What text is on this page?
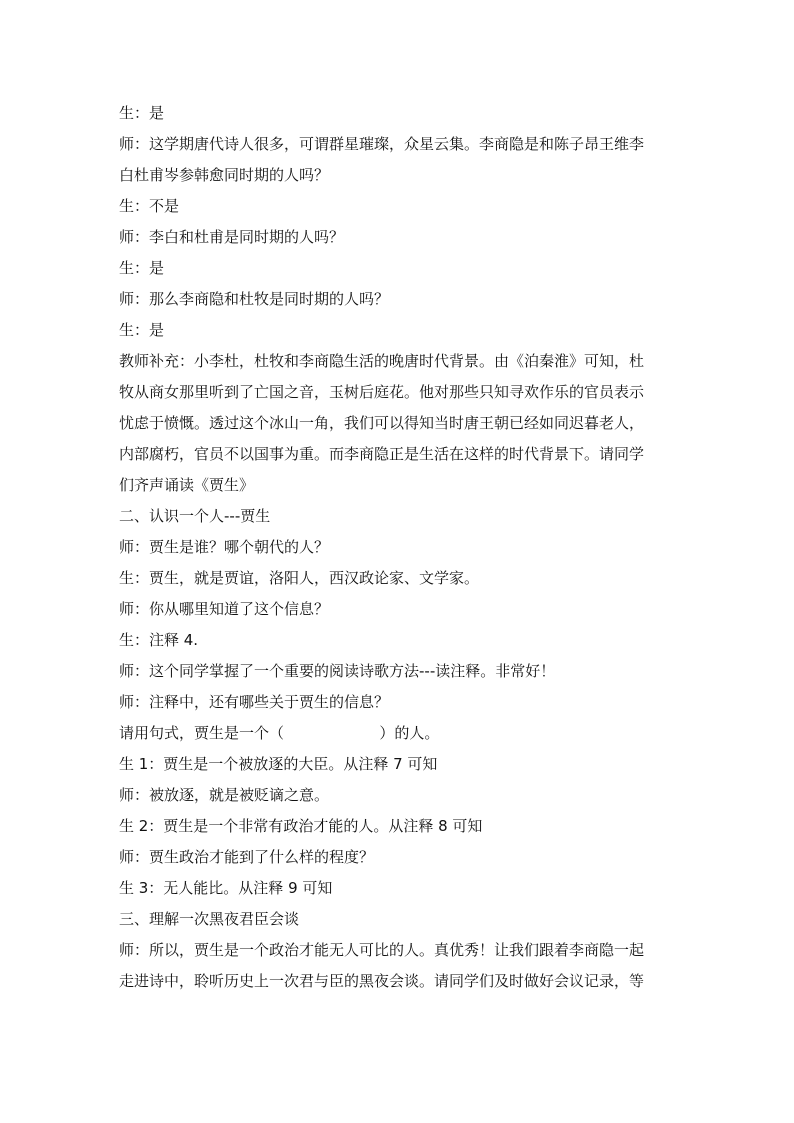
生：是
师：这学期唐代诗人很多，可谓群星璀璨，众星云集。李商隐是和陈子昂王维李
白杜甫岑参韩愈同时期的人吗？
生：不是
师：李白和杜甫是同时期的人吗？
生：是
师：那么李商隐和杜牧是同时期的人吗？
生：是
教师补充：小李杜，杜牧和李商隐生活的晚唐时代背景。由《泊秦淮》可知，杜
牧从商女那里听到了亡国之音，玉树后庭花。他对那些只知寻欢作乐的官员表示
忧虑于愤慨。透过这个冰山一角，我们可以得知当时唐王朝已经如同迟暮老人，
内部腐朽，官员不以国事为重。而李商隐正是生活在这样的时代背景下。请同学
们齐声诵读《贾生》
二、认识一个人---贾生
师：贾生是谁？哪个朝代的人？
生：贾生，就是贾谊，洛阳人，西汉政论家、文学家。
师：你从哪里知道了这个信息？
生：注释 4.
师：这个同学掌握了一个重要的阅读诗歌方法---读注释。非常好！
师：注释中，还有哪些关于贾生的信息？
请用句式，贾生是一个（                    ）的人。
生 1：贾生是一个被放逐的大臣。从注释 7 可知
师：被放逐，就是被贬谪之意。
生 2：贾生是一个非常有政治才能的人。从注释 8 可知
师：贾生政治才能到了什么样的程度？
生 3：无人能比。从注释 9 可知
三、理解一次黑夜君臣会谈
师：所以，贾生是一个政治才能无人可比的人。真优秀！让我们跟着李商隐一起
走进诗中，聆听历史上一次君与臣的黑夜会谈。请同学们及时做好会议记录，等
